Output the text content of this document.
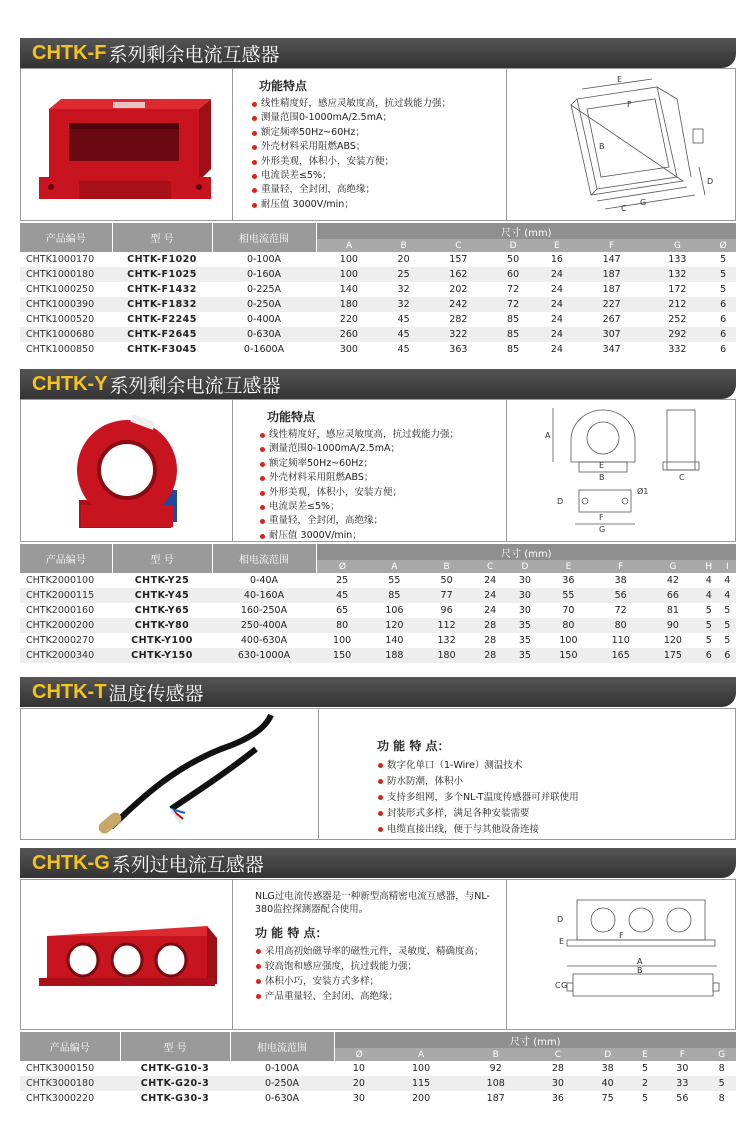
CHTK-F 系列剩余电流互感器
功能特点
线性精度好，感应灵敏度高，抗过载能力强；
测量范围0-1000mA/2.5mA；
额定频率50Hz~60Hz；
外壳材料采用阻燃ABS；
外形美观，体积小，安装方便；
电流误差≤5%；
重量轻，全封闭，高绝缘；
耐压值 3000V/min；
E
F
B
G
C
D
产品编号	型 号	相电流范围	尺寸 (mm)							
			A	B	C	D	E	F	G	Ø
CHTK1000170	CHTK-F1020	0-100A	100	20	157	50	16	147	133	5
CHTK1000180	CHTK-F1025	0-160A	100	25	162	60	24	187	132	5
CHTK1000250	CHTK-F1432	0-225A	140	32	202	72	24	187	172	5
CHTK1000390	CHTK-F1832	0-250A	180	32	242	72	24	227	212	6
CHTK1000520	CHTK-F2245	0-400A	220	45	282	85	24	267	252	6
CHTK1000680	CHTK-F2645	0-630A	260	45	322	85	24	307	292	6
CHTK1000850	CHTK-F3045	0-1600A	300	45	363	85	24	347	332	6
CHTK-Y 系列剩余电流互感器
功能特点
线性精度好，感应灵敏度高，抗过载能力强；
测量范围0-1000mA/2.5mA；
额定频率50Hz~60Hz；
外壳材料采用阻燃ABS；
外形美观，体积小，安装方便；
电流误差≤5%；
重量轻，全封闭，高绝缘；
耐压值 3000V/min；
A
E
B	C
D
F
G
Ø1
产品编号	型 号	相电流范围	尺寸 (mm)									
			Ø	A	B	C	D	E	F	G	H	I
CHTK2000100	CHTK-Y25	0-40A	25	55	50	24	30	36	38	42	4	4
CHTK2000115	CHTK-Y45	40-160A	45	85	77	24	30	55	56	66	4	4
CHTK2000160	CHTK-Y65	160-250A	65	106	96	24	30	70	72	81	5	5
CHTK2000200	CHTK-Y80	250-400A	80	120	112	28	35	80	80	90	5	5
CHTK2000270	CHTK-Y100	400-630A	100	140	132	28	35	100	110	120	5	5
CHTK2000340	CHTK-Y150	630-1000A	150	188	180	28	35	150	165	175	6	6
CHTK-T 温度传感器
功 能 特 点：
数字化单口（1-Wire）测温技术
防水防潮，体积小
支持多组网，多个NL-T温度传感器可并联使用
封装形式多样，满足各种安装需要
电缆直接出线，便于与其他设备连接
CHTK-G 系列过电流互感器

NLG过电流传感器是一种新型高精密电流互感器，与NL-380监控探测器配合使用。

功 能 特 点：
采用高初始磁导率的磁性元件，灵敏度、精确度高；
较高饱和感应强度，抗过载能力强；
体积小巧，安装方式多样；
产品重量轻、全封闭、高绝缘；
D
E
F
A
B
C G
产品编号	型 号	相电流范围	尺寸 (mm)							
			Ø	A	B	C	D	E	F	G
CHTK3000150	CHTK-G10-3	0-100A	10	100	92	28	38	5	30	8
CHTK3000180	CHTK-G20-3	0-250A	20	115	108	30	40	2	33	5
CHTK3000220	CHTK-G30-3	0-630A	30	200	187	36	75	5	56	8
